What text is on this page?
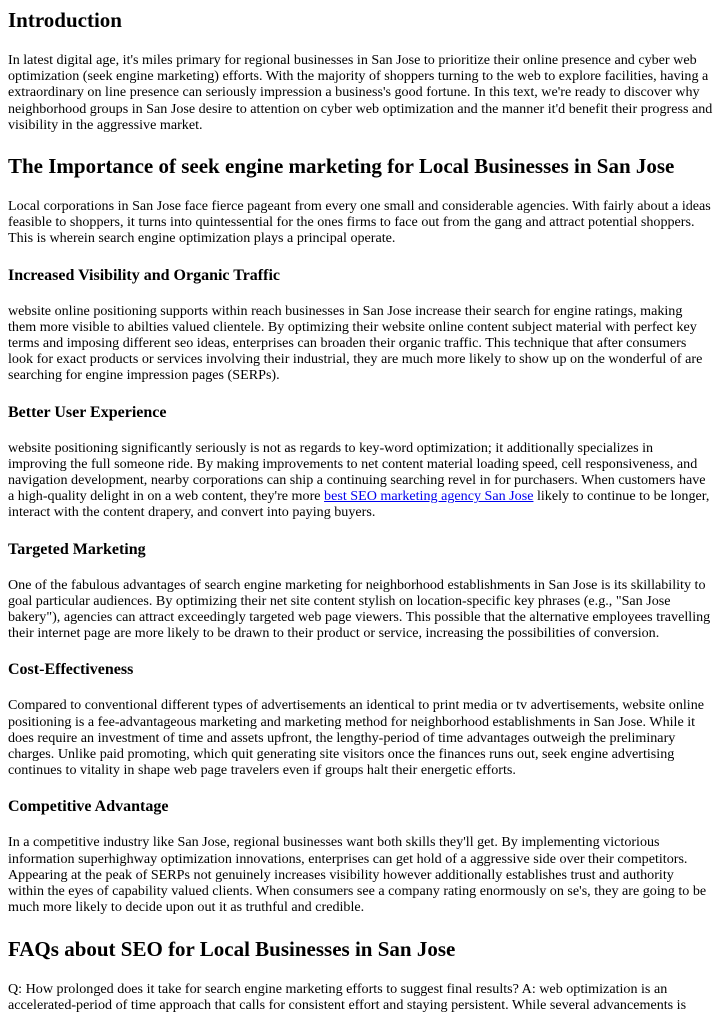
Introduction

In latest digital age, it's miles primary for regional businesses in San Jose to prioritize their online presence and cyber web optimization (seek engine marketing) efforts. With the majority of shoppers turning to the web to explore facilities, having a extraordinary on line presence can seriously impression a business's good fortune. In this text, we're ready to discover why neighborhood groups in San Jose desire to attention on cyber web optimization and the manner it'd benefit their progress and visibility in the aggressive market.

The Importance of seek engine marketing for Local Businesses in San Jose

Local corporations in San Jose face fierce pageant from every one small and considerable agencies. With fairly about a ideas feasible to shoppers, it turns into quintessential for the ones firms to face out from the gang and attract potential shoppers. This is wherein search engine optimization plays a principal operate.

Increased Visibility and Organic Traffic

website online positioning supports within reach businesses in San Jose increase their search for engine ratings, making them more visible to abilties valued clientele. By optimizing their website online content subject material with perfect key terms and imposing different seo ideas, enterprises can broaden their organic traffic. This technique that after consumers look for exact products or services involving their industrial, they are much more likely to show up on the wonderful of are searching for engine impression pages (SERPs).

Better User Experience

website positioning significantly seriously is not as regards to key-word optimization; it additionally specializes in improving the full someone ride. By making improvements to net content material loading speed, cell responsiveness, and navigation development, nearby corporations can ship a continuing searching revel in for purchasers. When customers have a high-quality delight in on a web content, they're more best SEO marketing agency San Jose likely to continue to be longer, interact with the content drapery, and convert into paying buyers.

Targeted Marketing

One of the fabulous advantages of search engine marketing for neighborhood establishments in San Jose is its skillability to goal particular audiences. By optimizing their net site content stylish on location-specific key phrases (e.g., "San Jose bakery"), agencies can attract exceedingly targeted web page viewers. This possible that the alternative employees travelling their internet page are more likely to be drawn to their product or service, increasing the possibilities of conversion.

Cost-Effectiveness

Compared to conventional different types of advertisements an identical to print media or tv advertisements, website online positioning is a fee-advantageous marketing and marketing method for neighborhood establishments in San Jose. While it does require an investment of time and assets upfront, the lengthy-period of time advantages outweigh the preliminary charges. Unlike paid promoting, which quit generating site visitors once the finances runs out, seek engine advertising continues to vitality in shape web page travelers even if groups halt their energetic efforts.

Competitive Advantage

In a competitive industry like San Jose, regional businesses want both skills they'll get. By implementing victorious information superhighway optimization innovations, enterprises can get hold of a aggressive side over their competitors. Appearing at the peak of SERPs not genuinely increases visibility however additionally establishes trust and authority within the eyes of capability valued clients. When consumers see a company rating enormously on se's, they are going to be much more likely to decide upon out it as truthful and credible.

FAQs about SEO for Local Businesses in San Jose

Q: How prolonged does it take for search engine marketing efforts to suggest final results? A: web optimization is an accelerated-period of time approach that calls for consistent effort and staying persistent. While several advancements is
